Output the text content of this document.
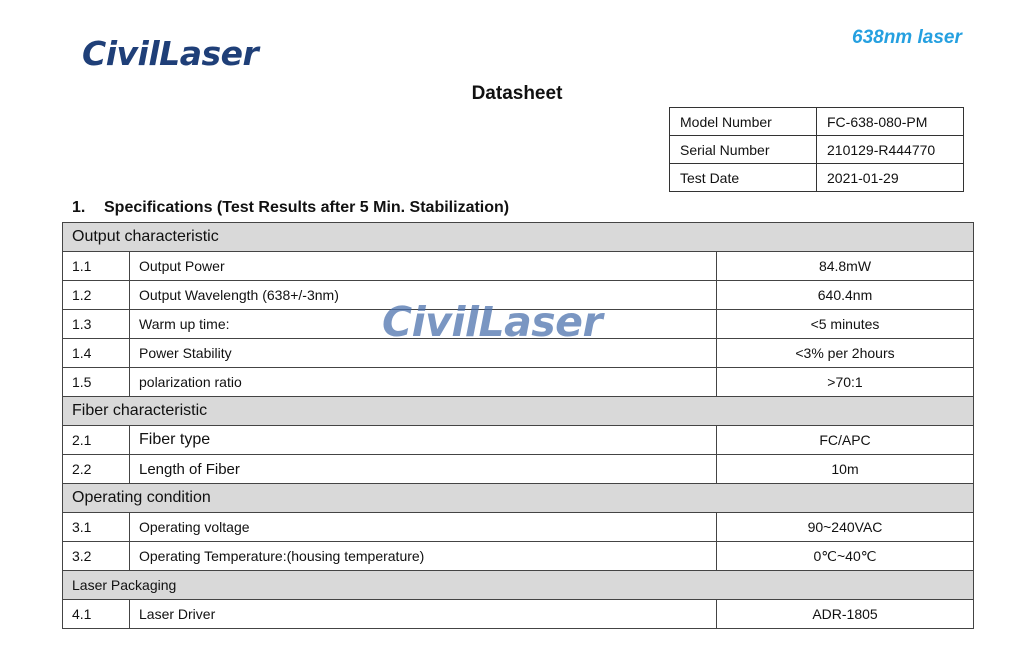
CivilLaser	638nm laser
Datasheet
Model Number	FC-638-080-PM
Serial Number	210129-R444770
Test Date	2021-01-29
1. Specifications (Test Results after 5 Min. Stabilization)
Output characteristic		
1.1	Output Power	84.8mW
1.2	Output Wavelength (638+/-3nm)	640.4nm
1.3	Warm up time:	<5 minutes
1.4	Power Stability	<3% per 2hours
1.5	polarization ratio	>70:1
Fiber characteristic		
2.1	Fiber type	FC/APC
2.2	Length of Fiber	10m
Operating condition		
3.1	Operating voltage	90~240VAC
3.2	Operating Temperature:(housing temperature)	0℃~40℃
Laser Packaging		
4.1	Laser Driver	ADR-1805
CivilLaser
